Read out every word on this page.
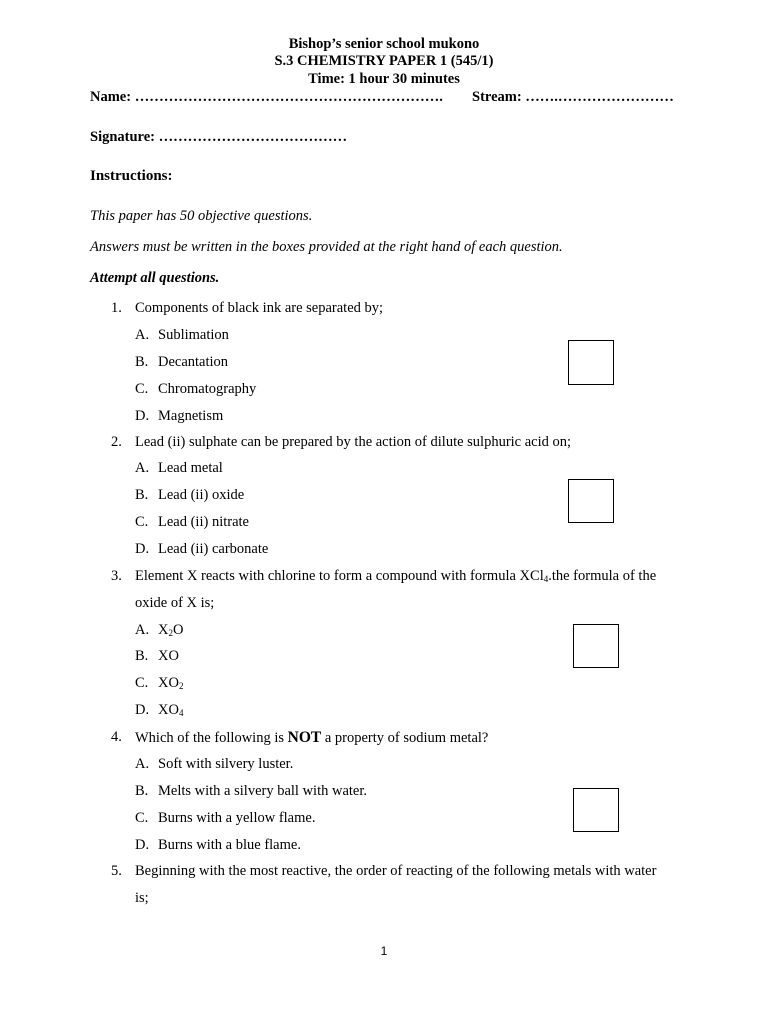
Bishop’s senior school mukono
S.3 CHEMISTRY PAPER 1 (545/1)
Time: 1 hour 30 minutes
Name: ………………………………………………………. Stream: …….……………………
Signature: …………………………………
Instructions:
This paper has 50 objective questions.
Answers must be written in the boxes provided at the right hand of each question.
Attempt all questions.
1. Components of black ink are separated by;
A. Sublimation
B. Decantation
C. Chromatography
D. Magnetism
2. Lead (ii) sulphate can be prepared by the action of dilute sulphuric acid on;
A. Lead metal
B. Lead (ii) oxide
C. Lead (ii) nitrate
D. Lead (ii) carbonate
3. Element X reacts with chlorine to form a compound with formula XCl$_4$.the formula of the
oxide of X is;
A. $X_2O$
B. XO
C. $XO_2$
D. $XO_4$
4. Which of the following is NOT a property of sodium metal?
A. Soft with silvery luster.
B. Melts with a silvery ball with water.
C. Burns with a yellow flame.
D. Burns with a blue flame.
5. Beginning with the most reactive, the order of reacting of the following metals with water
is;
1
